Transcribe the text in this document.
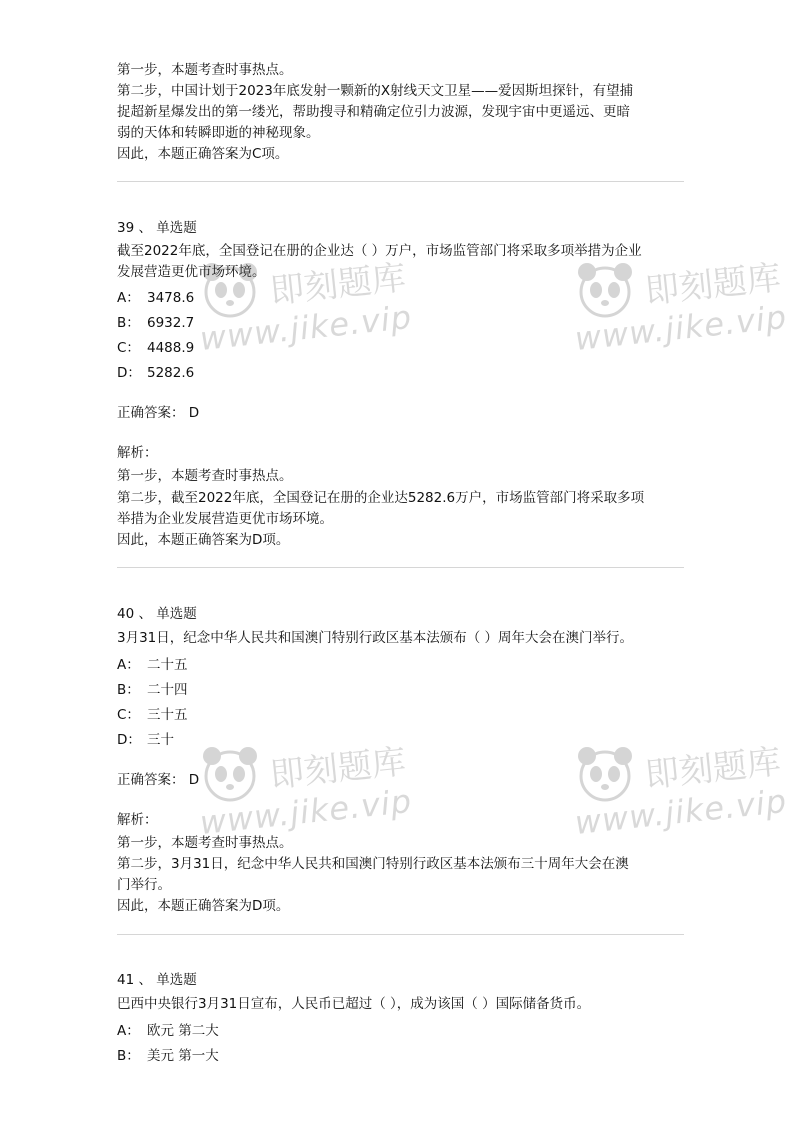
第一步，本题考查时事热点。
第二步，中国计划于2023年底发射一颗新的X射线天文卫星——爱因斯坦探针，有望捕
捉超新星爆发出的第一缕光，帮助搜寻和精确定位引力波源，发现宇宙中更遥远、更暗
弱的天体和转瞬即逝的神秘现象。
因此，本题正确答案为C项。
39 、 单选题
截至2022年底，全国登记在册的企业达（ ）万户，市场监管部门将采取多项举措为企业
发展营造更优市场环境。
A： 3478.6
B： 6932.7
C： 4488.9
D： 5282.6
正确答案： D
解析：
第一步，本题考查时事热点。
第二步，截至2022年底，全国登记在册的企业达5282.6万户，市场监管部门将采取多项
举措为企业发展营造更优市场环境。
因此，本题正确答案为D项。
40 、 单选题
3月31日，纪念中华人民共和国澳门特别行政区基本法颁布（ ）周年大会在澳门举行。
A： 二十五
B： 二十四
C： 三十五
D： 三十
正确答案： D
解析：
第一步，本题考查时事热点。
第二步，3月31日，纪念中华人民共和国澳门特别行政区基本法颁布三十周年大会在澳
门举行。
因此，本题正确答案为D项。
41 、 单选题
巴西中央银行3月31日宣布，人民币已超过（ ），成为该国（ ）国际储备货币。
A： 欧元 第二大
B： 美元 第一大
即刻题库
www.jike.vip
即刻题库
www.jike.vip
即刻题库
www.jike.vip
即刻题库
www.jike.vip
